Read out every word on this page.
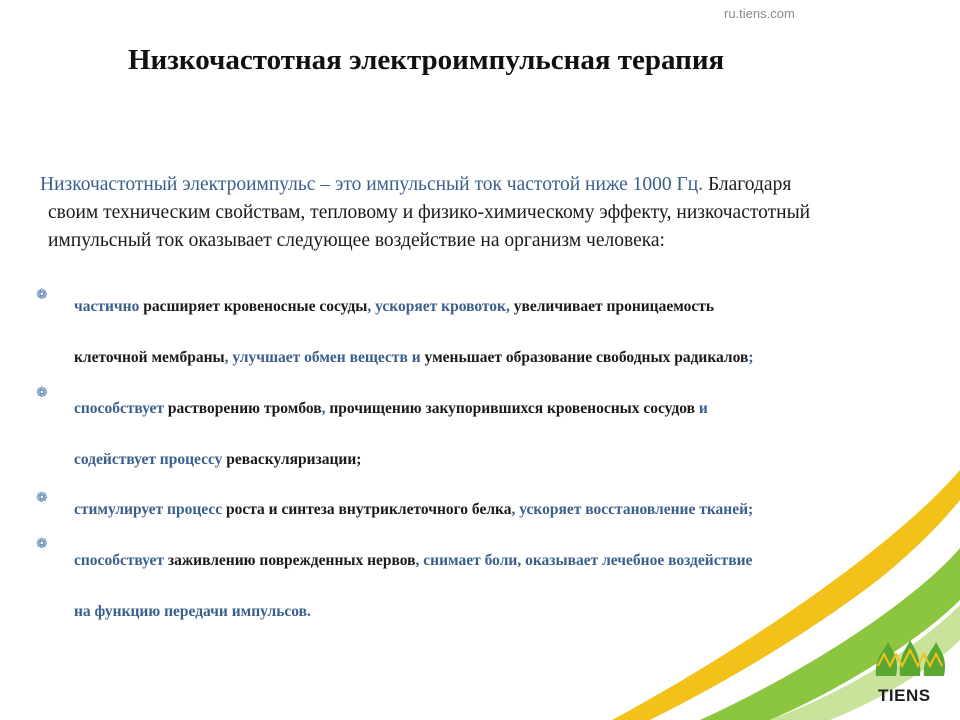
ru.tiens.com
Низкочастотная электроимпульсная терапия
Низкочастотный электроимпульс – это импульсный ток частотой ниже 1000 Гц. Благодаря
своим техническим свойствам, тепловому и физико-химическому эффекту, низкочастотный
импульсный ток оказывает следующее воздействие на организм человека:
❁
❁
❁
❁
частично расширяет кровеносные сосуды, ускоряет кровоток, увеличивает проницаемость
клеточной мембраны, улучшает обмен веществ и уменьшает образование свободных радикалов;
способствует растворению тромбов, прочищению закупорившихся кровеносных сосудов и
содействует процессу реваскуляризации;
стимулирует процесс роста и синтеза внутриклеточного белка, ускоряет восстановление тканей;
способствует заживлению поврежденных нервов, снимает боли, оказывает лечебное воздействие
на функцию передачи импульсов.
TIENS
